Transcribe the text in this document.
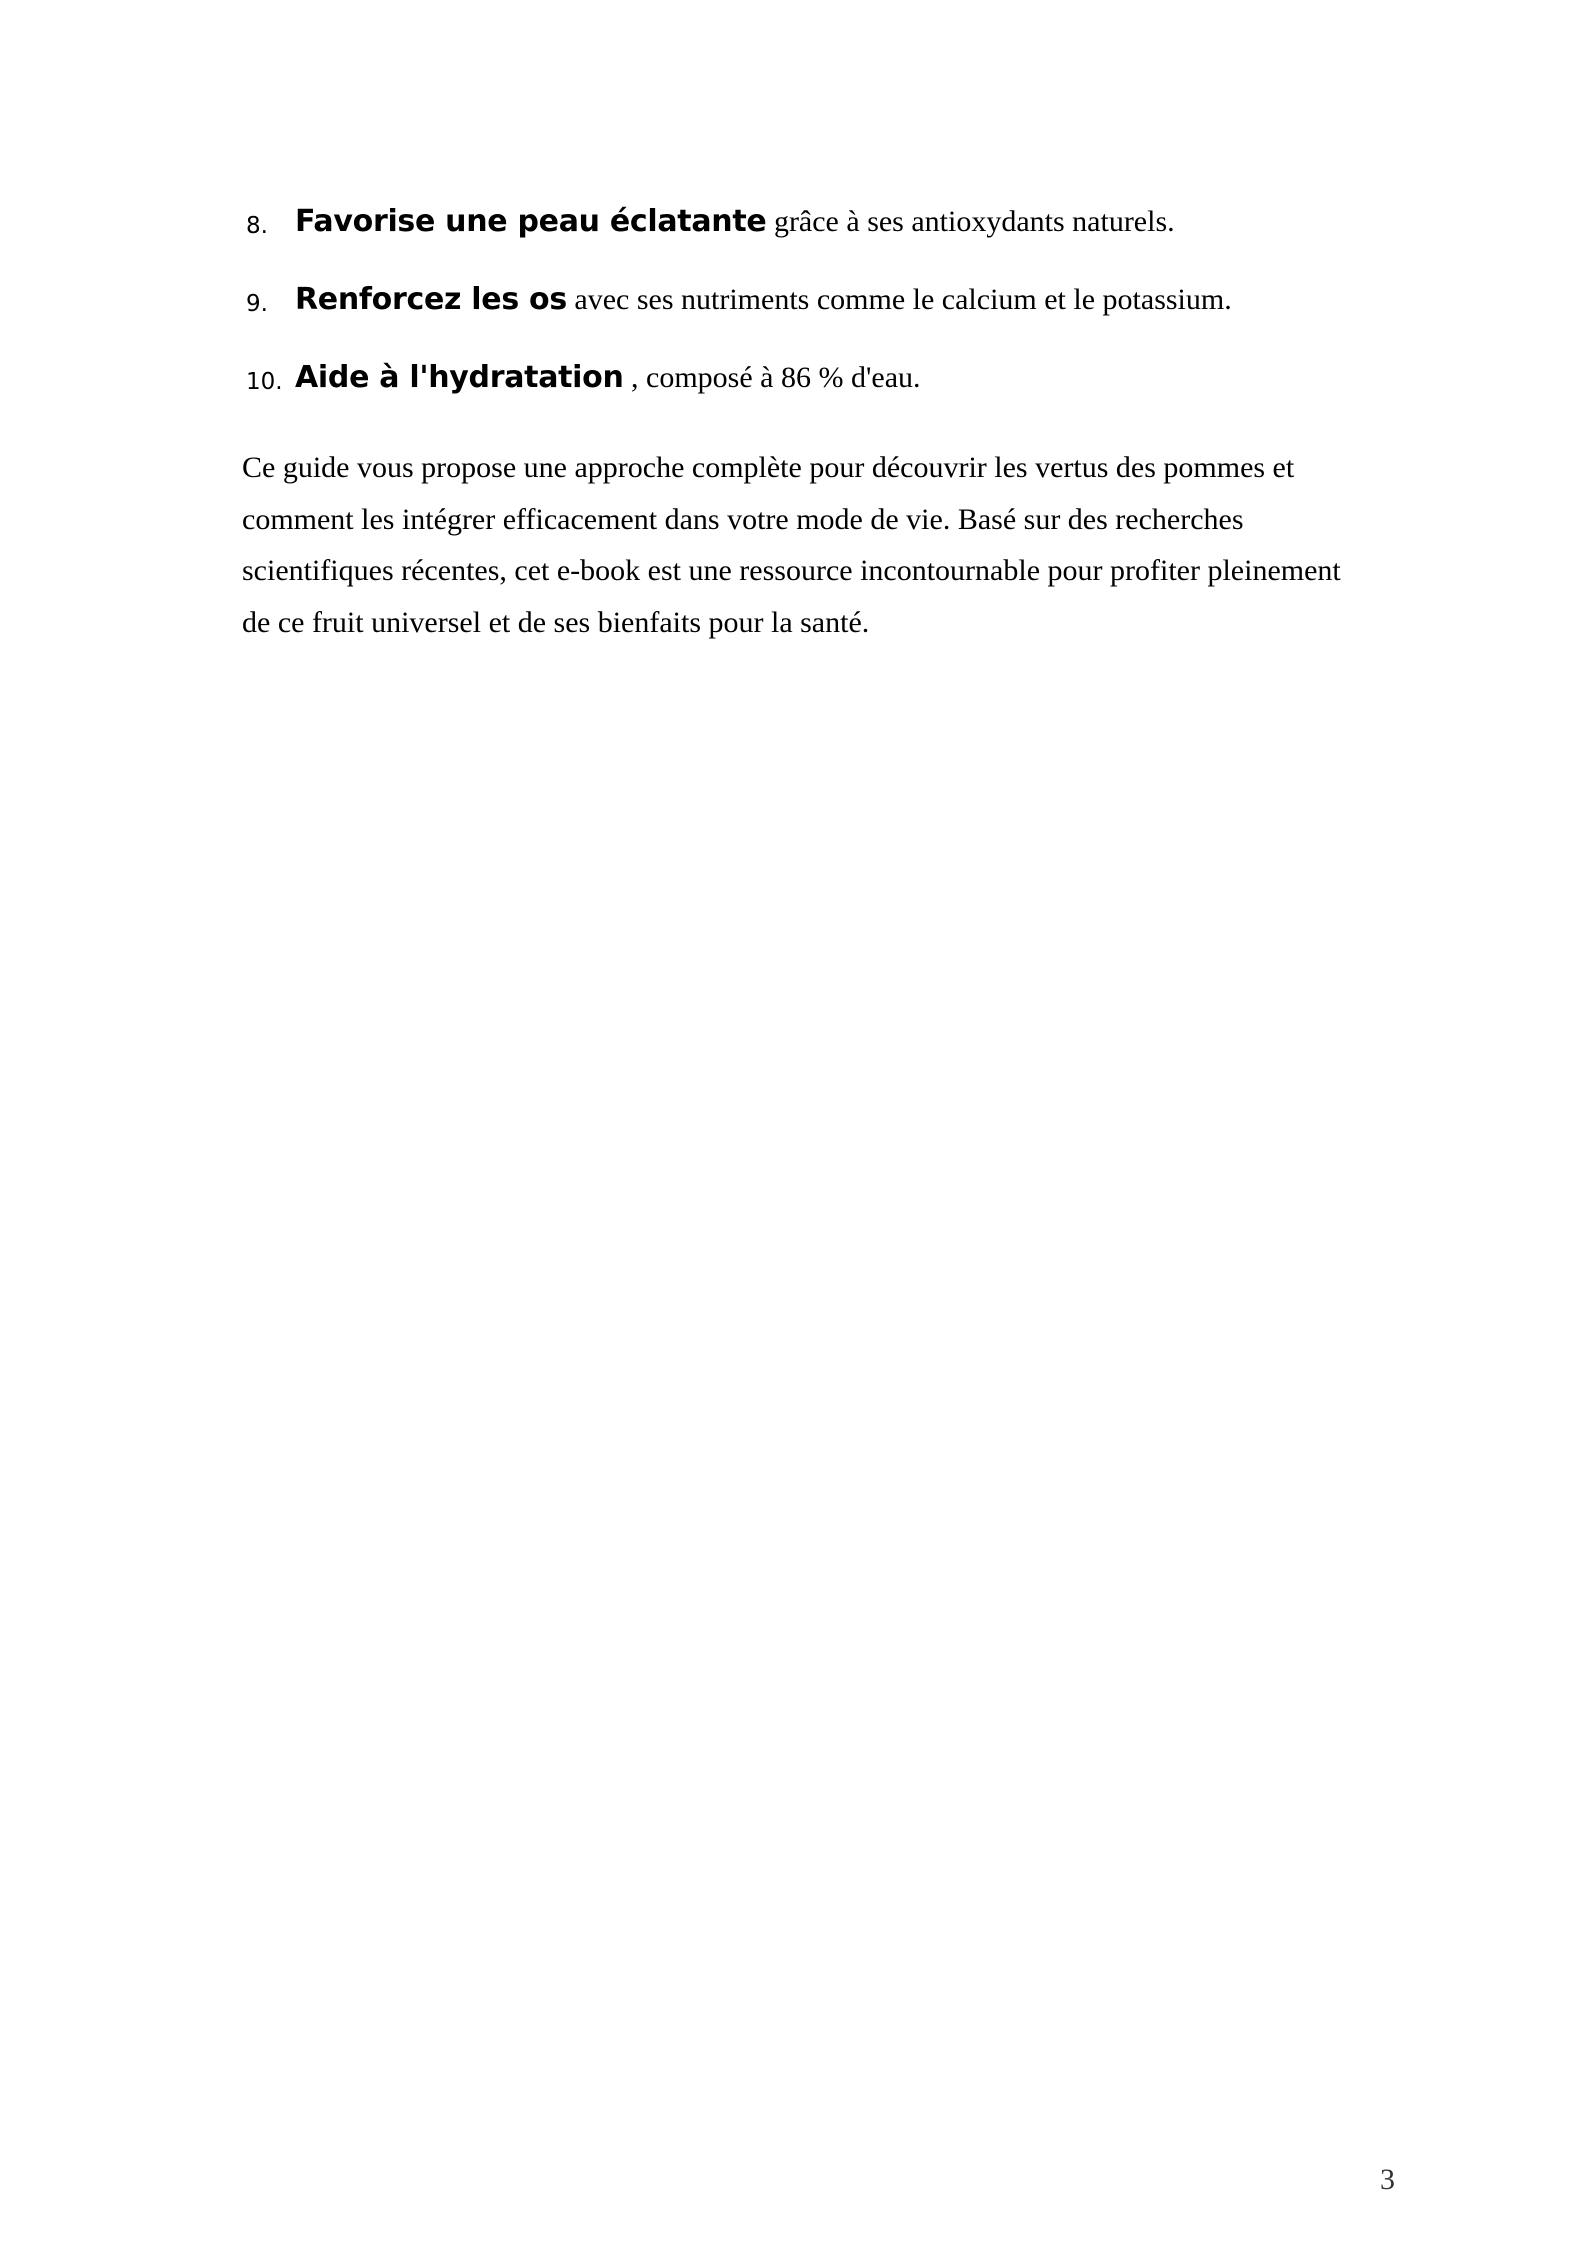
8. Favorise une peau éclatante grâce à ses antioxydants naturels.
9. Renforcez les os avec ses nutriments comme le calcium et le potassium.
10. Aide à l'hydratation , composé à 86 % d'eau.

Ce guide vous propose une approche complète pour découvrir les vertus des pommes et comment les intégrer efficacement dans votre mode de vie. Basé sur des recherches scientifiques récentes, cet e-book est une ressource incontournable pour profiter pleinement de ce fruit universel et de ses bienfaits pour la santé.

3
